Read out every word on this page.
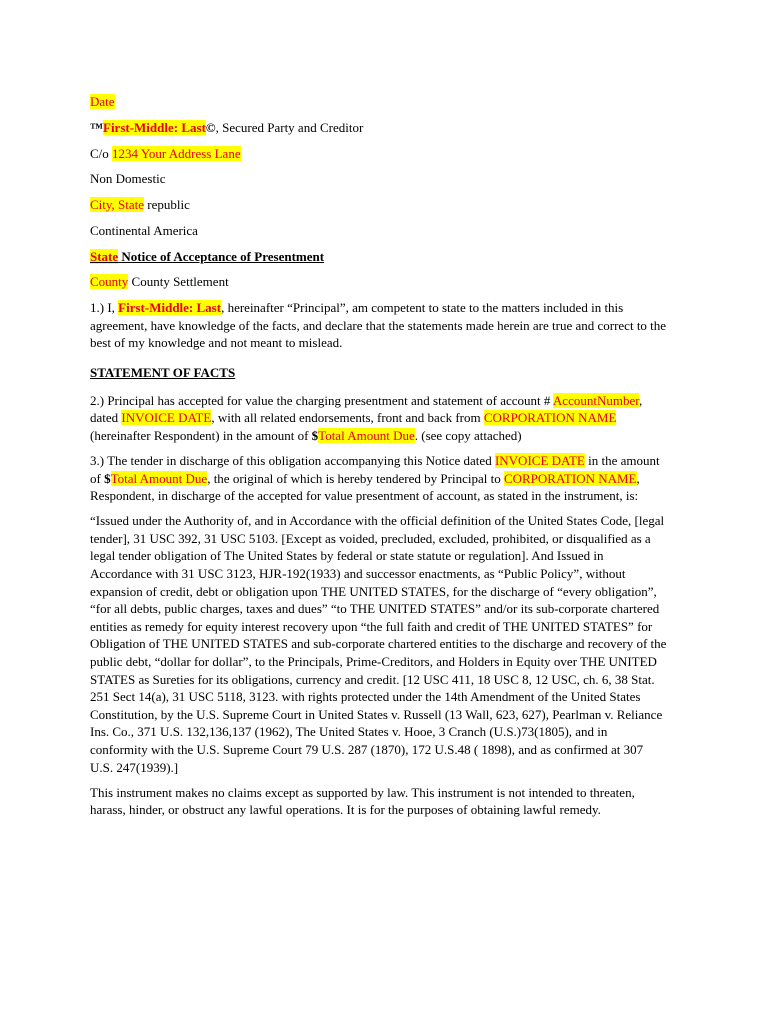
Date

™First-Middle: Last©, Secured Party and Creditor

C/o 1234 Your Address Lane

Non Domestic

City, State republic

Continental America

State Notice of Acceptance of Presentment

County County Settlement

1.) I, First-Middle: Last, hereinafter “Principal”, am competent to state to the matters included in this agreement, have knowledge of the facts, and declare that the statements made herein are true and correct to the best of my knowledge and not meant to mislead.

STATEMENT OF FACTS

2.) Principal has accepted for value the charging presentment and statement of account # AccountNumber, dated INVOICE DATE, with all related endorsements, front and back from CORPORATION NAME (hereinafter Respondent) in the amount of $Total Amount Due. (see copy attached)

3.) The tender in discharge of this obligation accompanying this Notice dated INVOICE DATE in the amount of $Total Amount Due, the original of which is hereby tendered by Principal to CORPORATION NAME, Respondent, in discharge of the accepted for value presentment of account, as stated in the instrument, is:

“Issued under the Authority of, and in Accordance with the official definition of the United States Code, [legal tender], 31 USC 392, 31 USC 5103. [Except as voided, precluded, excluded, prohibited, or disqualified as a legal tender obligation of The United States by federal or state statute or regulation]. And Issued in Accordance with 31 USC 3123, HJR-192(1933) and successor enactments, as “Public Policy”, without expansion of credit, debt or obligation upon THE UNITED STATES, for the discharge of “every obligation”, “for all debts, public charges, taxes and dues” “to THE UNITED STATES” and/or its sub-corporate chartered entities as remedy for equity interest recovery upon “the full faith and credit of THE UNITED STATES” for Obligation of THE UNITED STATES and sub-corporate chartered entities to the discharge and recovery of the public debt, “dollar for dollar”, to the Principals, Prime-Creditors, and Holders in Equity over THE UNITED STATES as Sureties for its obligations, currency and credit. [12 USC 411, 18 USC 8, 12 USC, ch. 6, 38 Stat. 251 Sect 14(a), 31 USC 5118, 3123. with rights protected under the 14th Amendment of the United States Constitution, by the U.S. Supreme Court in United States v. Russell (13 Wall, 623, 627), Pearlman v. Reliance Ins. Co., 371 U.S. 132,136,137 (1962), The United States v. Hooe, 3 Cranch (U.S.)73(1805), and in conformity with the U.S. Supreme Court 79 U.S. 287 (1870), 172 U.S.48 ( 1898), and as confirmed at 307 U.S. 247(1939).]

This instrument makes no claims except as supported by law. This instrument is not intended to threaten, harass, hinder, or obstruct any lawful operations. It is for the purposes of obtaining lawful remedy.
